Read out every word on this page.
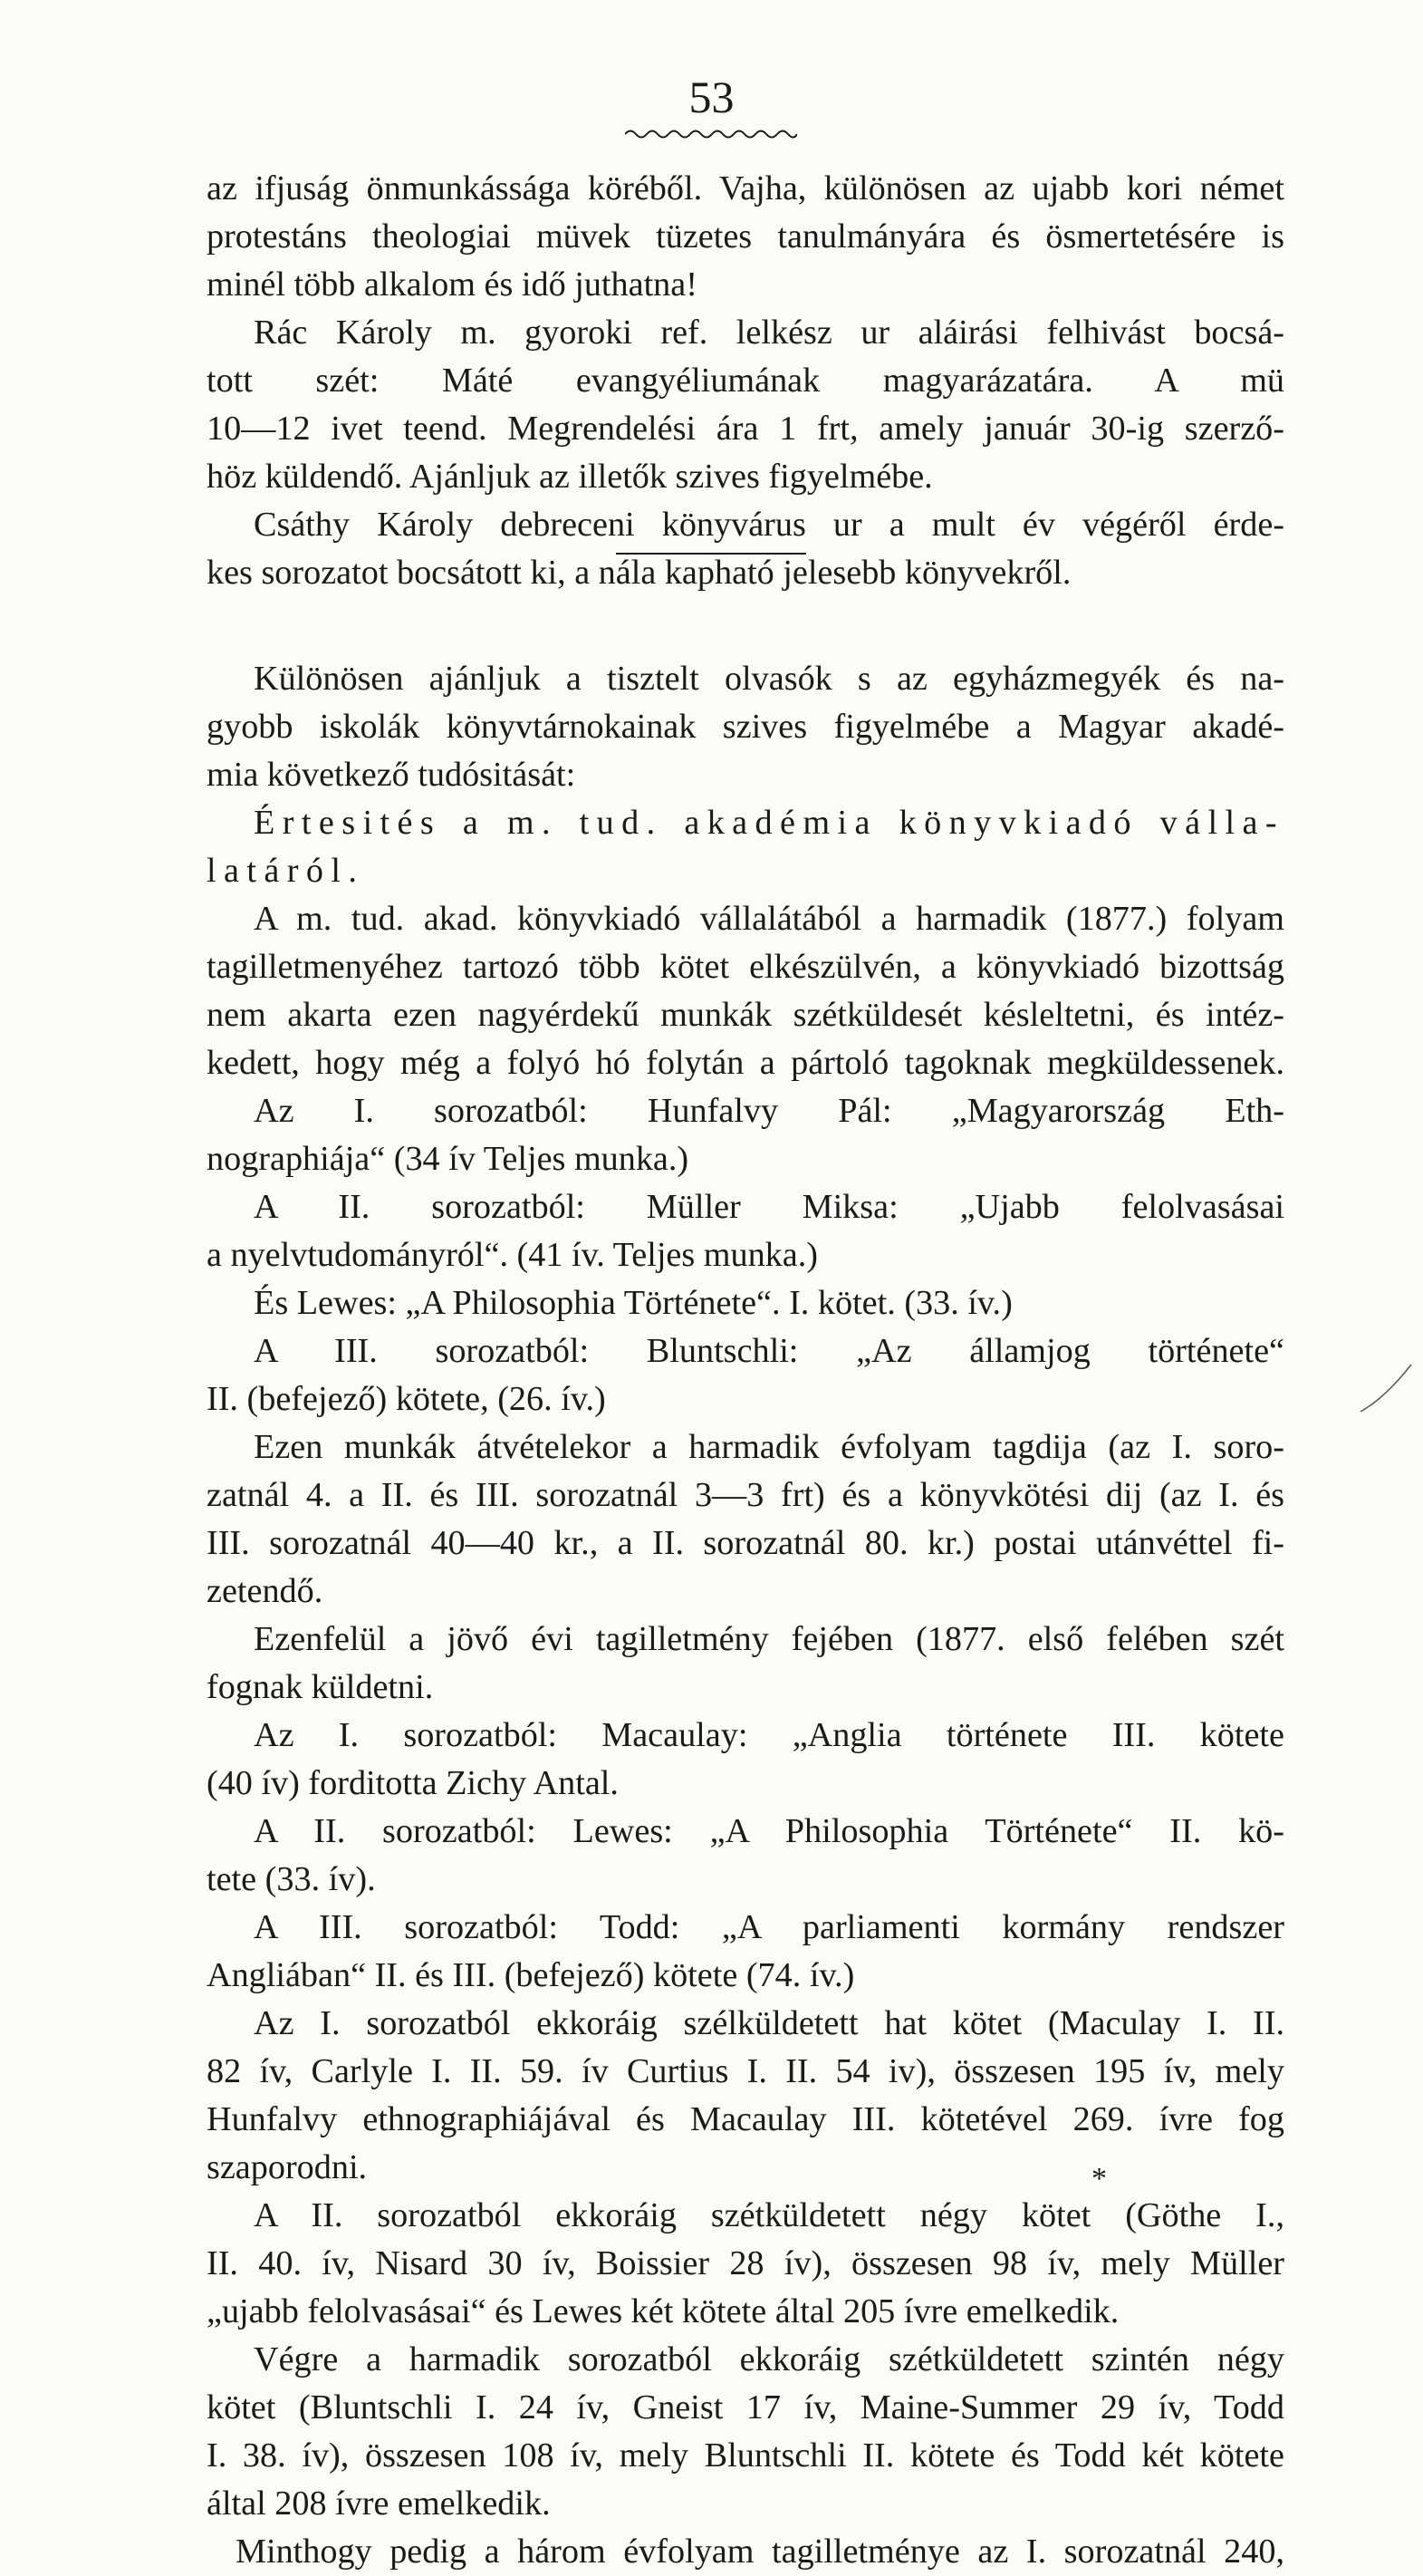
53
az ifjuság önmunkássága köréből. Vajha, különösen az ujabb kori német
protestáns theologiai müvek tüzetes tanulmányára és ösmertetésére is
minél több alkalom és idő juthatna!
Rác Károly m. gyoroki ref. lelkész ur aláirási felhivást bocsá-
tott szét: Máté evangyéliumának magyarázatára. A mü
10—12 ivet teend. Megrendelési ára 1 frt, amely január 30-ig szerző-
höz küldendő. Ajánljuk az illetők szives figyelmébe.
Csáthy Károly debreceni könyvárus ur a mult év végéről érde-
kes sorozatot bocsátott ki, a nála kapható jelesebb könyvekről.
Különösen ajánljuk a tisztelt olvasók s az egyházmegyék és na-
gyobb iskolák könyvtárnokainak szives figyelmébe a Magyar akadé-
mia következő tudósitását:
Értesités a m. tud. akadémia könyvkiadó válla-
latáról.
A m. tud. akad. könyvkiadó vállalátából a harmadik (1877.) folyam
tagilletmenyéhez tartozó több kötet elkészülvén, a könyvkiadó bizottság
nem akarta ezen nagyérdekű munkák szétküldesét késleltetni, és intéz-
kedett, hogy még a folyó hó folytán a pártoló tagoknak megküldessenek.
Az I. sorozatból: Hunfalvy Pál: „Magyarország Eth-
nographiája“ (34 ív Teljes munka.)
A II. sorozatból: Müller Miksa: „Ujabb felolvasásai
a nyelvtudományról“. (41 ív. Teljes munka.)
És Lewes: „A Philosophia Története“. I. kötet. (33. ív.)
A III. sorozatból: Bluntschli: „Az államjog története“
II. (befejező) kötete, (26. ív.)
Ezen munkák átvételekor a harmadik évfolyam tagdija (az I. soro-
zatnál 4. a II. és III. sorozatnál 3—3 frt) és a könyvkötési dij (az I. és
III. sorozatnál 40—40 kr., a II. sorozatnál 80. kr.) postai utánvéttel fi-
zetendő.
Ezenfelül a jövő évi tagilletmény fejében (1877. első felében szét
fognak küldetni.
Az I. sorozatból: Macaulay: „Anglia története III. kötete
(40 ív) forditotta Zichy Antal.
A II. sorozatból: Lewes: „A Philosophia Története“ II. kö-
tete (33. ív).
A III. sorozatból: Todd: „A parliamenti kormány rendszer
Angliában“ II. és III. (befejező) kötete (74. ív.)
Az I. sorozatból ekkoráig szélküldetett hat kötet (Maculay I. II.
82 ív, Carlyle I. II. 59. ív Curtius I. II. 54 iv), összesen 195 ív, mely
Hunfalvy ethnographiájával és Macaulay III. kötetével 269. ívre fog
szaporodni.
A II. sorozatból ekkoráig szétküldetett négy kötet (Göthe I.,
II. 40. ív, Nisard 30 ív, Boissier 28 ív), összesen 98 ív, mely Müller
„ujabb felolvasásai“ és Lewes két kötete által 205 ívre emelkedik.
Végre a harmadik sorozatból ekkoráig szétküldetett szintén négy
kötet (Bluntschli I. 24 ív, Gneist 17 ív, Maine-Summer 29 ív, Todd
I. 38. ív), összesen 108 ív, mely Bluntschli II. kötete és Todd két kötete
által 208 ívre emelkedik.
Minthogy pedig a három évfolyam tagilletménye az I. sorozatnál 240,
*
